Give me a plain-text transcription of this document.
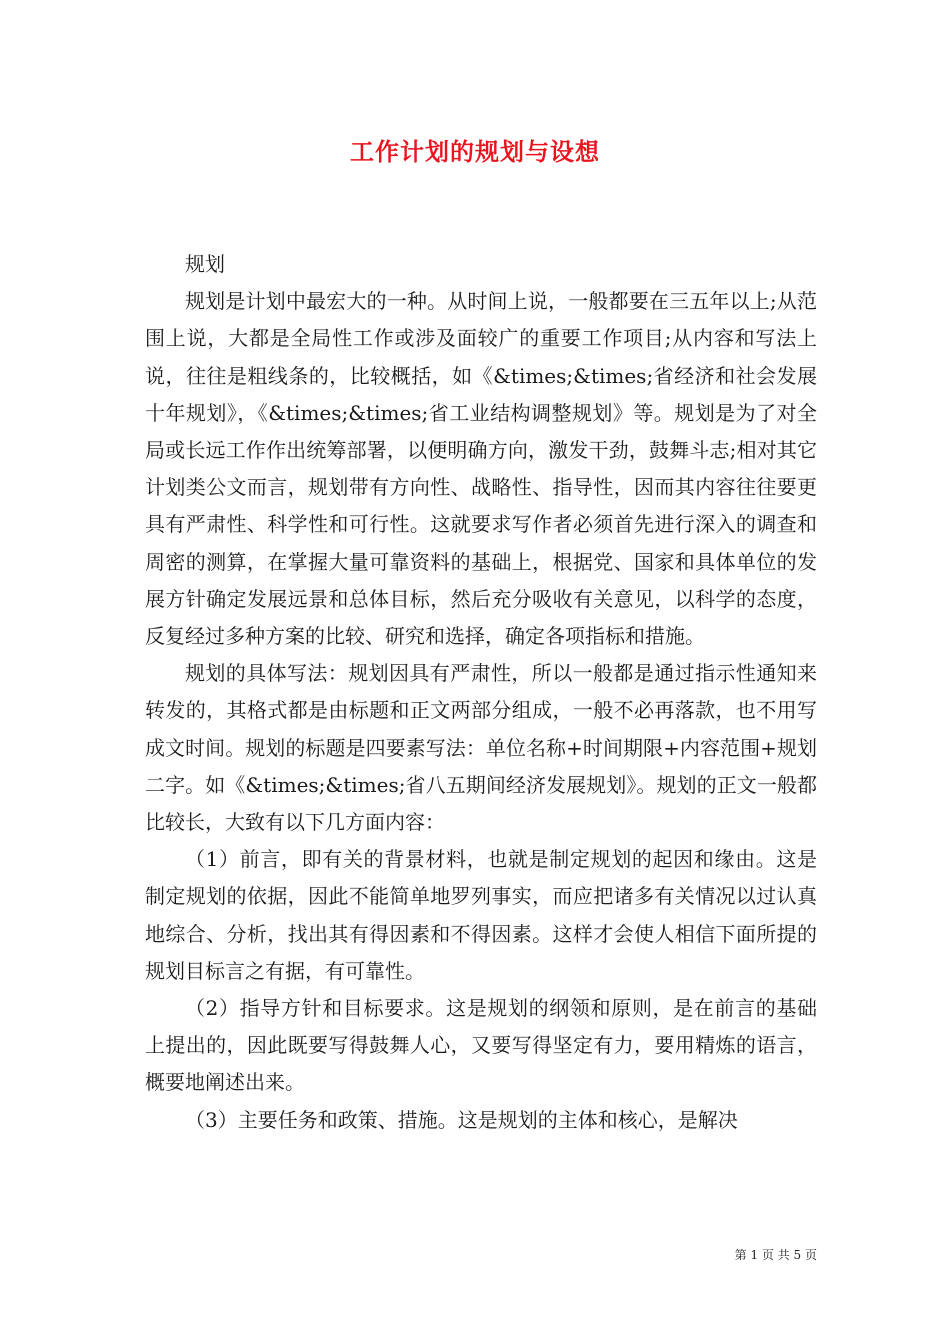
工作计划的规划与设想

规划

规划是计划中最宏大的一种。从时间上说，一般都要在三五年以上;从范围上说，大都是全局性工作或涉及面较广的重要工作项目;从内容和写法上说，往往是粗线条的，比较概括，如《&times;&times;省经济和社会发展十年规划》，《&times;&times;省工业结构调整规划》等。规划是为了对全局或长远工作作出统筹部署，以便明确方向，激发干劲，鼓舞斗志;相对其它计划类公文而言，规划带有方向性、战略性、指导性，因而其内容往往要更具有严肃性、科学性和可行性。这就要求写作者必须首先进行深入的调查和周密的测算，在掌握大量可靠资料的基础上，根据党、国家和具体单位的发展方针确定发展远景和总体目标，然后充分吸收有关意见，以科学的态度，反复经过多种方案的比较、研究和选择，确定各项指标和措施。

规划的具体写法：规划因具有严肃性，所以一般都是通过指示性通知来转发的，其格式都是由标题和正文两部分组成，一般不必再落款，也不用写成文时间。规划的标题是四要素写法：单位名称+时间期限+内容范围+规划二字。如《&times;&times;省八五期间经济发展规划》。规划的正文一般都比较长，大致有以下几方面内容：

（1）前言，即有关的背景材料，也就是制定规划的起因和缘由。这是制定规划的依据，因此不能简单地罗列事实，而应把诸多有关情况以过认真地综合、分析，找出其有得因素和不得因素。这样才会使人相信下面所提的规划目标言之有据，有可靠性。

（2）指导方针和目标要求。这是规划的纲领和原则，是在前言的基础上提出的，因此既要写得鼓舞人心，又要写得坚定有力，要用精炼的语言，概要地阐述出来。

（3）主要任务和政策、措施。这是规划的主体和核心，是解决

第 1 页 共 5 页
